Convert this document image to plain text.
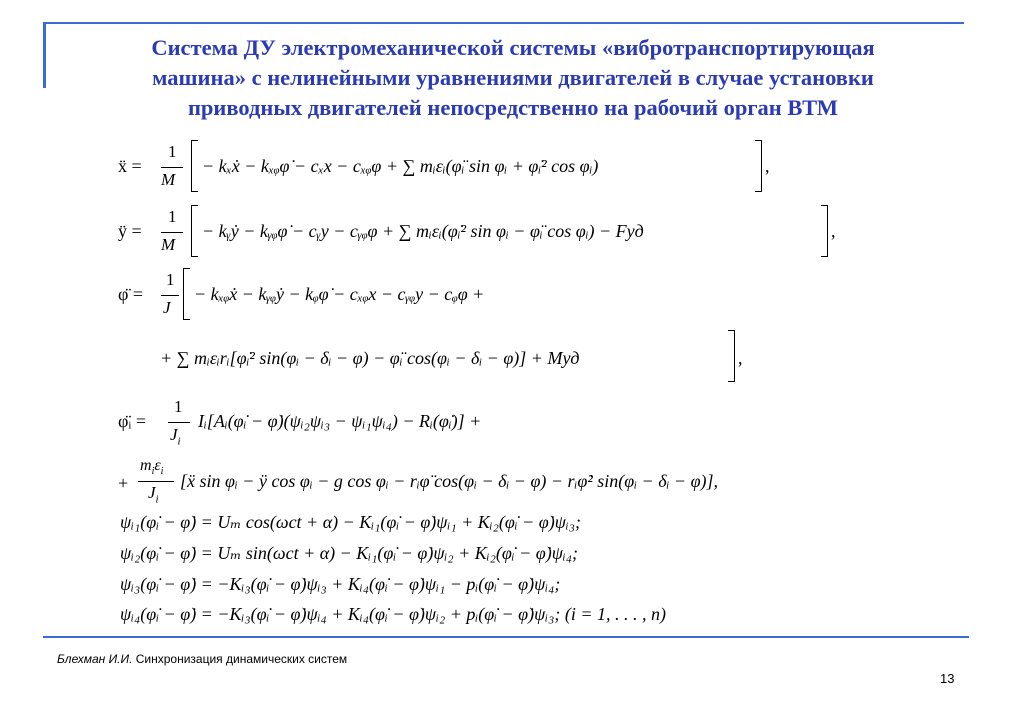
Система ДУ электромеханической системы «вибротранспортирующая
машина» с нелинейными уравнениями двигателей в случае установки
приводных двигателей непосредственно на рабочий орган ВТМ
ẍ =
1
M
− kₓẋ − kₓᵩφ̇ − cₓx − cₓᵩφ + ∑ mᵢεᵢ(φ̈ᵢ sin φᵢ + φ̇ᵢ² cos φᵢ)	,
ÿ =
1
M
− kᵧẏ − kᵧᵩφ̇ − cᵧy − cᵧᵩφ + ∑ mᵢεᵢ(φ̇ᵢ² sin φᵢ − φ̈ᵢ cos φᵢ) − Fуд	,
φ̈ =
1
J
− kₓᵩẋ − kᵧᵩẏ − kᵩφ̇ − cₓᵩx − cᵧᵩy − cᵩφ +
+ ∑ mᵢεᵢrᵢ[φ̇ᵢ² sin(φᵢ − δᵢ − φ) − φ̈ᵢ cos(φᵢ − δᵢ − φ)] + Mуд	,
φ̈ᵢ =
1
$J_i$
Iᵢ[Aᵢ(φ̇ᵢ − φ̇)(ψᵢ₂ψᵢ₃ − ψᵢ₁ψᵢ₄) − Rᵢ(φ̇ᵢ)] +
+
$m_i\varepsilon_i$
$J_i$
[ẍ sin φᵢ − ÿ cos φᵢ − g cos φᵢ − rᵢφ̈ cos(φᵢ − δᵢ − φ) − rᵢφ̇² sin(φᵢ − δᵢ − φ)],
ψᵢ₁(φ̇ᵢ − φ̇) = Uₘ cos(ωct + α) − Kᵢ₁(φ̇ᵢ − φ̇)ψᵢ₁ + Kᵢ₂(φ̇ᵢ − φ̇)ψᵢ₃;
ψᵢ₂(φ̇ᵢ − φ̇) = Uₘ sin(ωct + α) − Kᵢ₁(φ̇ᵢ − φ̇)ψᵢ₂ + Kᵢ₂(φ̇ᵢ − φ̇)ψᵢ₄;
ψᵢ₃(φ̇ᵢ − φ̇) = −Kᵢ₃(φ̇ᵢ − φ̇)ψᵢ₃ + Kᵢ₄(φ̇ᵢ − φ̇)ψᵢ₁ − pᵢ(φ̇ᵢ − φ̇)ψᵢ₄;
ψᵢ₄(φ̇ᵢ − φ̇) = −Kᵢ₃(φ̇ᵢ − φ̇)ψᵢ₄ + Kᵢ₄(φ̇ᵢ − φ̇)ψᵢ₂ + pᵢ(φ̇ᵢ − φ̇)ψᵢ₃; (i = 1, . . . , n)
Блехман И.И. Синхронизация динамических систем
13
